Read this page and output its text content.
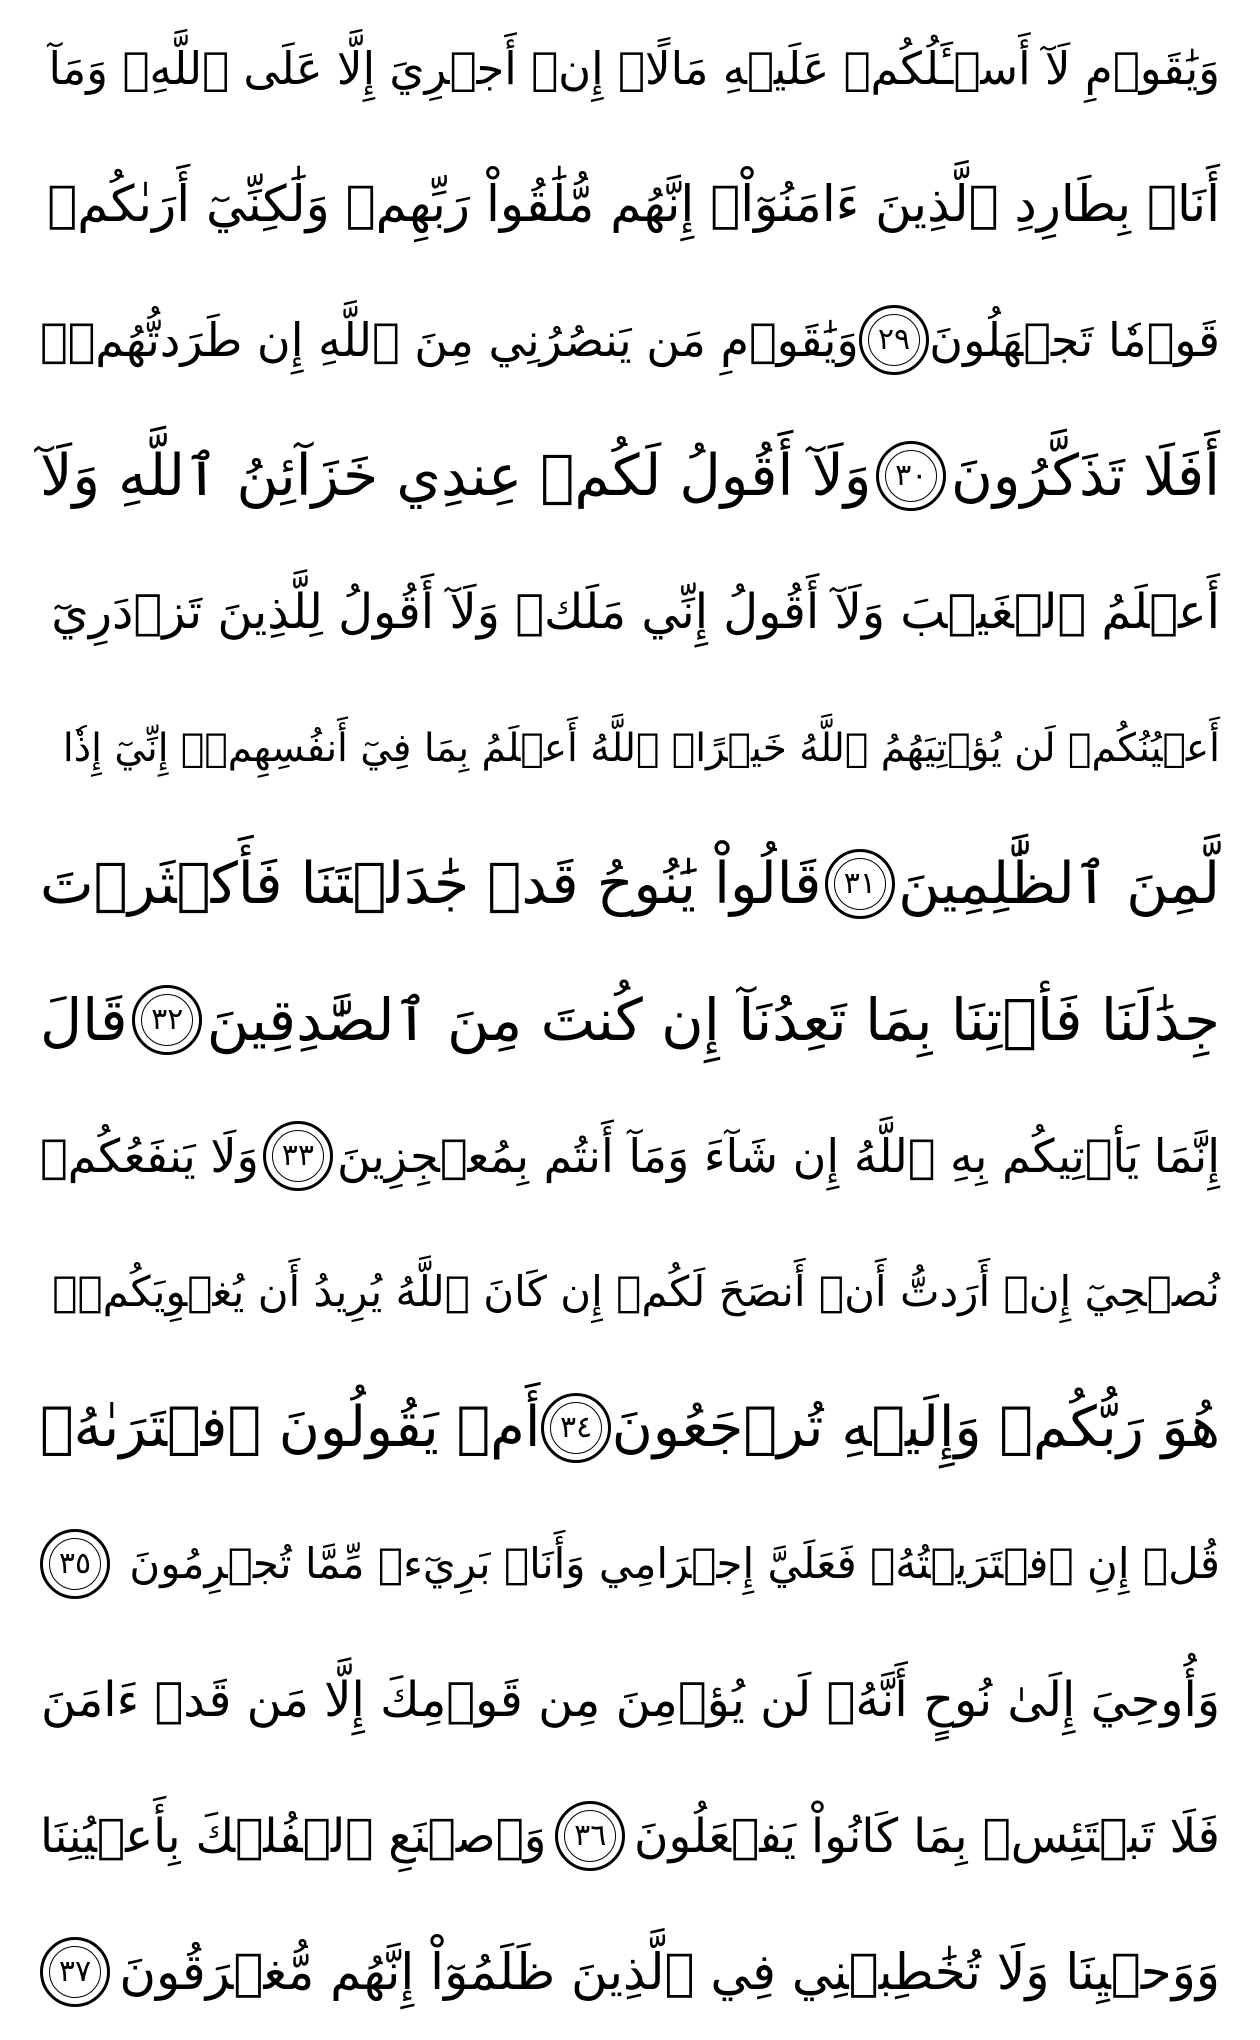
وَيَٰقَوۡمِ لَآ أَسۡـَٔلُكُمۡ عَلَيۡهِ مَالًاۖ إِنۡ أَجۡرِيَ إِلَّا عَلَى ٱللَّهِۚ وَمَآ
أَنَا۠ بِطَارِدِ ٱلَّذِينَ ءَامَنُوٓاْۚ إِنَّهُم مُّلَٰقُواْ رَبِّهِمۡ وَلَٰكِنِّيٓ أَرَىٰكُمۡ
قَوۡمٗا تَجۡهَلُونَ
٢٩
وَيَٰقَوۡمِ مَن يَنصُرُنِي مِنَ ٱللَّهِ إِن طَرَدتُّهُمۡۚ
أَفَلَا تَذَكَّرُونَ
٣٠
وَلَآ أَقُولُ لَكُمۡ عِندِي خَزَآئِنُ ٱللَّهِ وَلَآ
أَعۡلَمُ ٱلۡغَيۡبَ وَلَآ أَقُولُ إِنِّي مَلَكٞ وَلَآ أَقُولُ لِلَّذِينَ تَزۡدَرِيٓ
أَعۡيُنُكُمۡ لَن يُؤۡتِيَهُمُ ٱللَّهُ خَيۡرًاۖ ٱللَّهُ أَعۡلَمُ بِمَا فِيٓ أَنفُسِهِمۡۖ إِنِّيٓ إِذٗا
لَّمِنَ ٱلظَّٰلِمِينَ
٣١
قَالُواْ يَٰنُوحُ قَدۡ جَٰدَلۡتَنَا فَأَكۡثَرۡتَ
جِدَٰلَنَا فَأۡتِنَا بِمَا تَعِدُنَآ إِن كُنتَ مِنَ ٱلصَّٰدِقِينَ
٣٢
قَالَ
إِنَّمَا يَأۡتِيكُم بِهِ ٱللَّهُ إِن شَآءَ وَمَآ أَنتُم بِمُعۡجِزِينَ
٣٣
وَلَا يَنفَعُكُمۡ
نُصۡحِيٓ إِنۡ أَرَدتُّ أَنۡ أَنصَحَ لَكُمۡ إِن كَانَ ٱللَّهُ يُرِيدُ أَن يُغۡوِيَكُمۡۚ
هُوَ رَبُّكُمۡ وَإِلَيۡهِ تُرۡجَعُونَ
٣٤
أَمۡ يَقُولُونَ ٱفۡتَرَىٰهُۖ
قُلۡ إِنِ ٱفۡتَرَيۡتُهُۥ فَعَلَيَّ إِجۡرَامِي وَأَنَا۠ بَرِيٓءٞ مِّمَّا تُجۡرِمُونَ
٣٥
وَأُوحِيَ إِلَىٰ نُوحٍ أَنَّهُۥ لَن يُؤۡمِنَ مِن قَوۡمِكَ إِلَّا مَن قَدۡ ءَامَنَ
فَلَا تَبۡتَئِسۡ بِمَا كَانُواْ يَفۡعَلُونَ
٣٦
وَٱصۡنَعِ ٱلۡفُلۡكَ بِأَعۡيُنِنَا
وَوَحۡيِنَا وَلَا تُخَٰطِبۡنِي فِي ٱلَّذِينَ ظَلَمُوٓاْ إِنَّهُم مُّغۡرَقُونَ
٣٧
